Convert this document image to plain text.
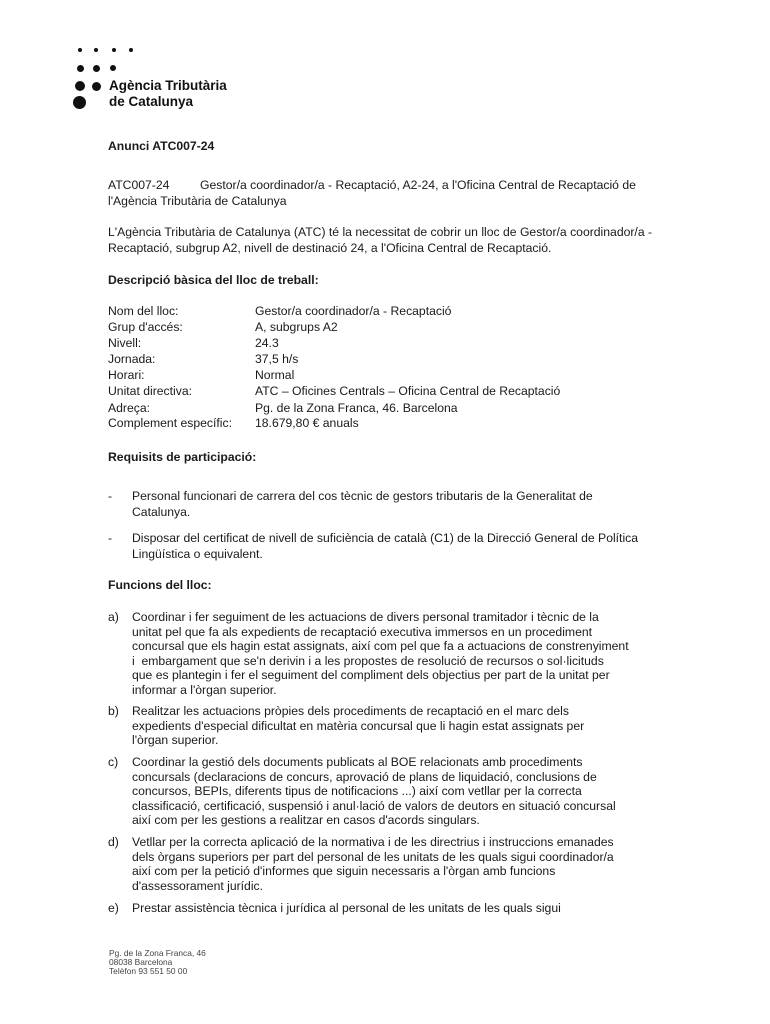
Agència Tributària
de Catalunya
Anunci ATC007-24
ATC007-24	Gestor/a coordinador/a - Recaptació, A2-24, a l'Oficina Central de Recaptació de
l'Agència Tributària de Catalunya
L'Agència Tributària de Catalunya (ATC) té la necessitat de cobrir un lloc de Gestor/a coordinador/a -
Recaptació, subgrup A2, nivell de destinació 24, a l'Oficina Central de Recaptació.
Descripció bàsica del lloc de treball:
Nom del lloc:	Gestor/a coordinador/a - Recaptació
Grup d'accés:	A, subgrups A2
Nivell:	24.3
Jornada:	37,5 h/s
Horari:	Normal
Unitat directiva:	ATC – Oficines Centrals – Oficina Central de Recaptació
Adreça:	Pg. de la Zona Franca, 46. Barcelona
Complement específic: 18.679,80 € anuals
Requisits de participació:
- Personal funcionari de carrera del cos tècnic de gestors tributaris de la Generalitat de
Catalunya.
- Disposar del certificat de nivell de suficiència de català (C1) de la Direcció General de Política
Lingüística o equivalent.
Funcions del lloc:
a) Coordinar i fer seguiment de les actuacions de divers personal tramitador i tècnic de la
unitat pel que fa als expedients de recaptació executiva immersos en un procediment
concursal que els hagin estat assignats, així com pel que fa a actuacions de constrenyiment
i  embargament que se'n derivin i a les propostes de resolució de recursos o sol·licituds
que es plantegin i fer el seguiment del compliment dels objectius per part de la unitat per
informar a l'òrgan superior.
b) Realitzar les actuacions pròpies dels procediments de recaptació en el marc dels
expedients d'especial dificultat en matèria concursal que li hagin estat assignats per
l'òrgan superior.
c) Coordinar la gestió dels documents publicats al BOE relacionats amb procediments
concursals (declaracions de concurs, aprovació de plans de liquidació, conclusions de
concursos, BEPIs, diferents tipus de notificacions ...) així com vetllar per la correcta
classificació, certificació, suspensió i anul·lació de valors de deutors en situació concursal
així com per les gestions a realitzar en casos d'acords singulars.
d) Vetllar per la correcta aplicació de la normativa i de les directrius i instruccions emanades
dels òrgans superiors per part del personal de les unitats de les quals sigui coordinador/a
així com per la petició d'informes que siguin necessaris a l'òrgan amb funcions
d'assessorament jurídic.
e) Prestar assistència tècnica i jurídica al personal de les unitats de les quals sigui
Pg. de la Zona Franca, 46
08038 Barcelona
Telèfon 93 551 50 00
